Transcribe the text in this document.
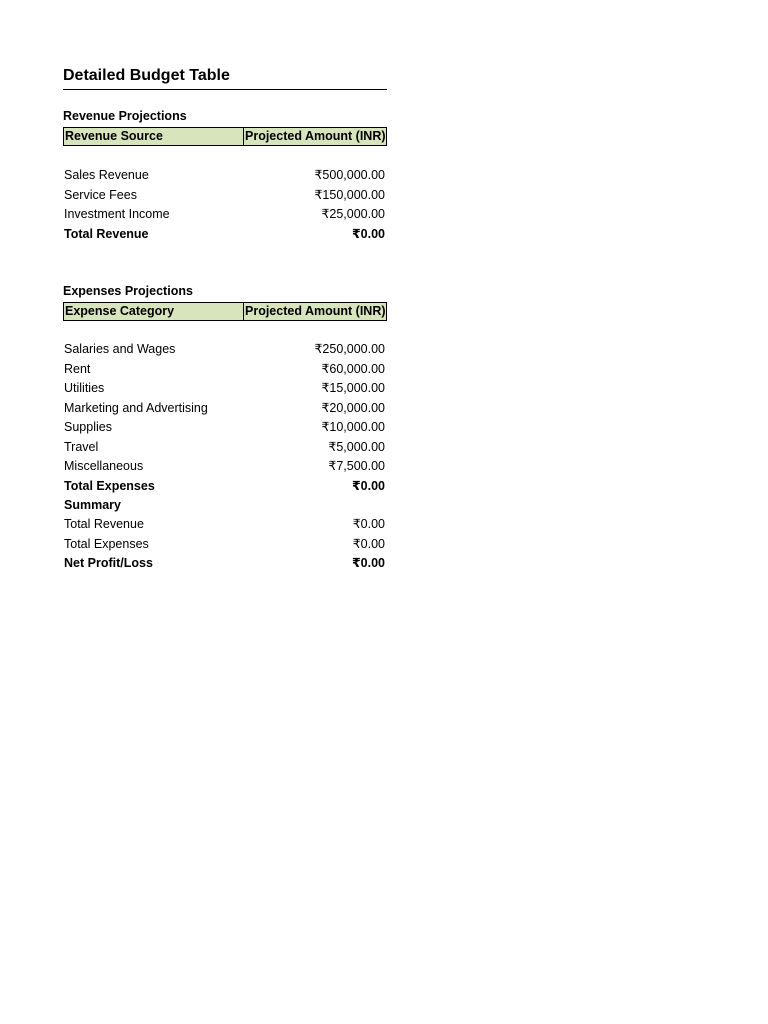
Detailed Budget Table
Revenue Projections
Revenue Source	Projected Amount (INR)
Sales Revenue	₹500,000.00
Service Fees	₹150,000.00
Investment Income	₹25,000.00
Total Revenue	₹0.00
Expenses Projections
Expense Category	Projected Amount (INR)
Salaries and Wages	₹250,000.00
Rent	₹60,000.00
Utilities	₹15,000.00
Marketing and Advertising	₹20,000.00
Supplies	₹10,000.00
Travel	₹5,000.00
Miscellaneous	₹7,500.00
Total Expenses	₹0.00
Summary
Total Revenue	₹0.00
Total Expenses	₹0.00
Net Profit/Loss	₹0.00
